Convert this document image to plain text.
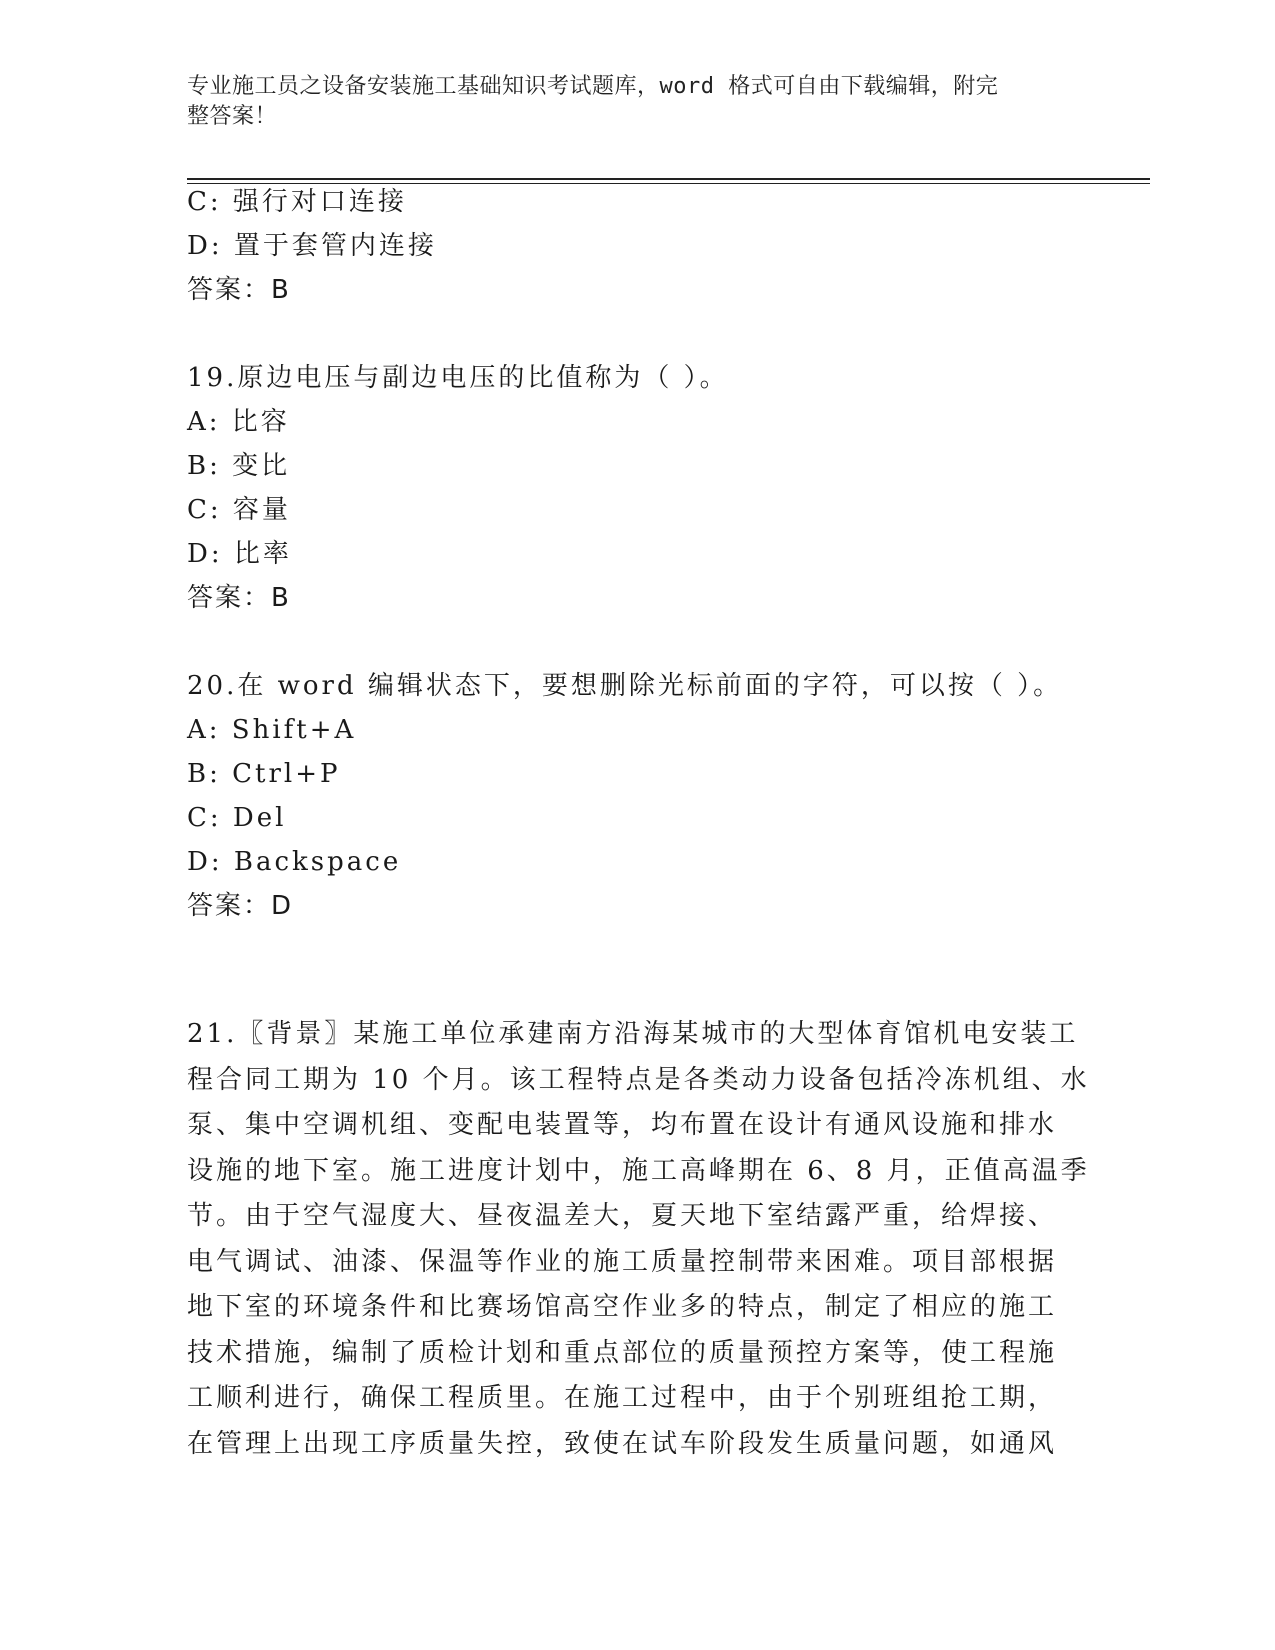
专业施工员之设备安装施工基础知识考试题库，word 格式可自由下载编辑，附完
整答案！
C: 强行对口连接
D: 置于套管内连接
答案：B
19.原边电压与副边电压的比值称为（ ）。
A: 比容
B: 变比
C: 容量
D: 比率
答案：B
20.在 word 编辑状态下，要想删除光标前面的字符，可以按（ ）。
A: Shift+A
B: Ctrl+P
C: Del
D: Backspace
答案：D
21.〖背景〗某施工单位承建南方沿海某城市的大型体育馆机电安装工
程合同工期为 10 个月。该工程特点是各类动力设备包括冷冻机组、水
泵、集中空调机组、变配电装置等，均布置在设计有通风设施和排水
设施的地下室。施工进度计划中，施工高峰期在 6、8 月，正值高温季
节。由于空气湿度大、昼夜温差大，夏天地下室结露严重，给焊接、
电气调试、油漆、保温等作业的施工质量控制带来困难。项目部根据
地下室的环境条件和比赛场馆高空作业多的特点，制定了相应的施工
技术措施，编制了质检计划和重点部位的质量预控方案等，使工程施
工顺利进行，确保工程质里。在施工过程中，由于个别班组抢工期，
在管理上出现工序质量失控，致使在试车阶段发生质量问题，如通风
